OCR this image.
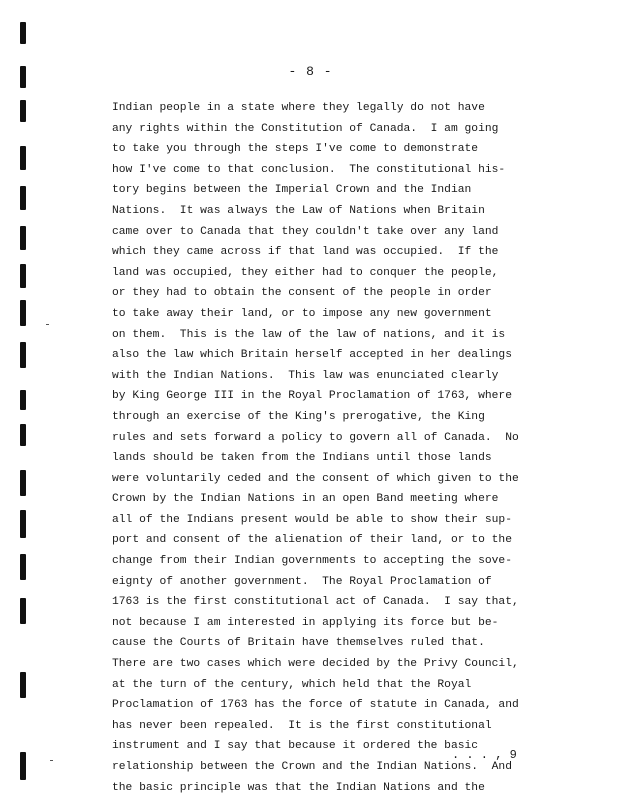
- 8 -
Indian people in a state where they legally do not have
any rights within the Constitution of Canada.  I am going
to take you through the steps I've come to demonstrate
how I've come to that conclusion.  The constitutional his-
tory begins between the Imperial Crown and the Indian
Nations.  It was always the Law of Nations when Britain
came over to Canada that they couldn't take over any land
which they came across if that land was occupied.  If the
land was occupied, they either had to conquer the people,
or they had to obtain the consent of the people in order
to take away their land, or to impose any new government
on them.  This is the law of the law of nations, and it is
also the law which Britain herself accepted in her dealings
with the Indian Nations.  This law was enunciated clearly
by King George III in the Royal Proclamation of 1763, where
through an exercise of the King's prerogative, the King
rules and sets forward a policy to govern all of Canada.  No
lands should be taken from the Indians until those lands
were voluntarily ceded and the consent of which given to the
Crown by the Indian Nations in an open Band meeting where
all of the Indians present would be able to show their sup-
port and consent of the alienation of their land, or to the
change from their Indian governments to accepting the sove-
eignty of another government.  The Royal Proclamation of
1763 is the first constitutional act of Canada.  I say that,
not because I am interested in applying its force but be-
cause the Courts of Britain have themselves ruled that.
There are two cases which were decided by the Privy Council,
at the turn of the century, which held that the Royal
Proclamation of 1763 has the force of statute in Canada, and
has never been repealed.  It is the first constitutional
instrument and I say that because it ordered the basic
relationship between the Crown and the Indian Nations.  And
the basic principle was that the Indian Nations and the
. . . , 9
